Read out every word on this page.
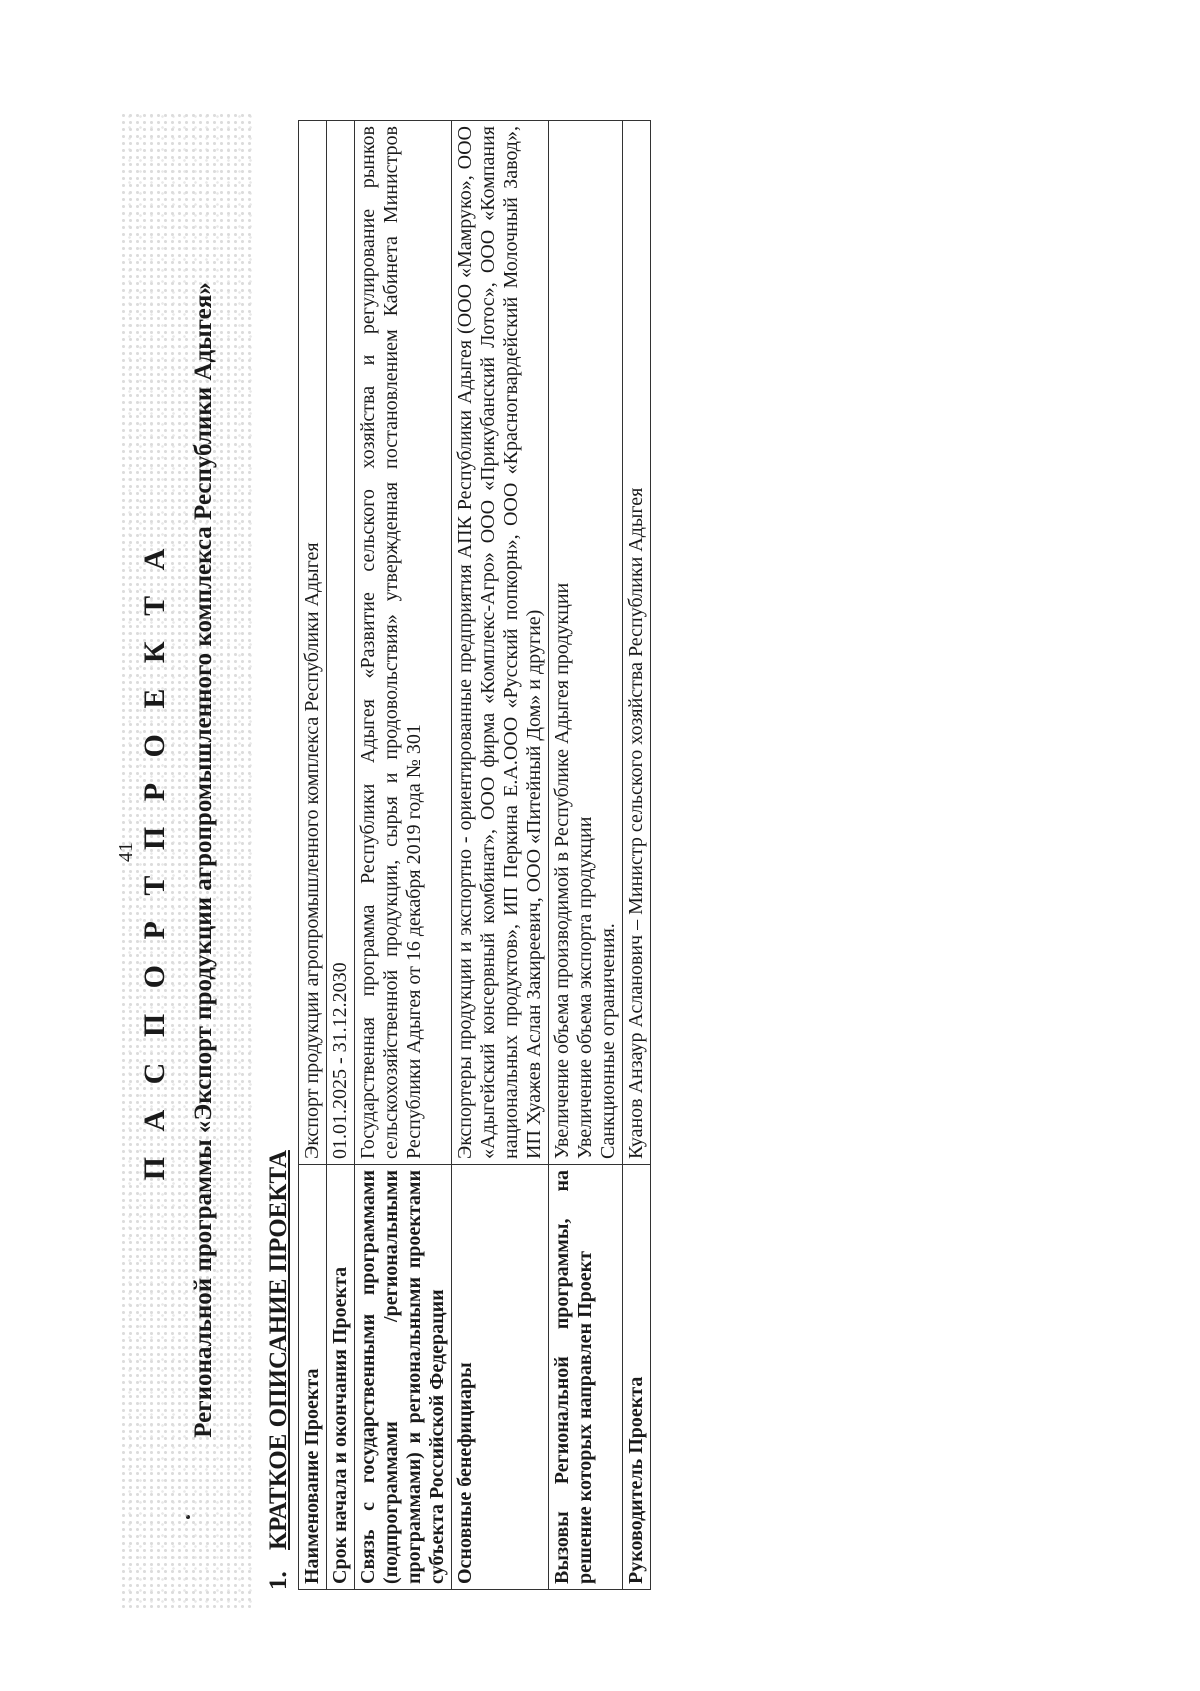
41 П А С П О Р Т П Р О Е К Т А Региональной программы «Экспорт продукции агропромышленного комплекса Республики Адыгея»
1.КРАТКОЕ ОПИСАНИЕ ПРОЕКТА Наименование Проекта	Экспорт продукции агропромышленного комплекса Республики Адыгея

Срок начала и окончания Проекта	01.01.2025 - 31.12.2030

Связь с государственными программами (подпрограммами /региональными программами) и региональными проектами субъекта Российской Федерации	Государственная программа Республики Адыгея «Развитие сельского хозяйства и регулирование рынков сельскохозяйственной продукции, сырья и продовольствия» утвержденная постановлением Кабинета Министров Республики Адыгея от 16 декабря 2019 года № 301

Основные бенефициары	Экспортеры продукции и экспортно - ориентированные предприятия АПК Республики Адыгея (ООО «Мамруко», ООО «Адыгейский консервный комбинат», ООО фирма «Комплекс-Агро» ООО «Прикубанский Лотос», ООО «Компания национальных продуктов», ИП Перкина Е.А.ООО «Русский попкорн», ООО «Красногвардейский Молочный Завод», ИП Хуажев Аслан Закиреевич, ООО «Питейный Дом» и другие)

Вызовы Региональной программы, на решение которых направлен Проект	Увеличение объема производимой в Республике Адыгея продукции Увеличение объема экспорта продукции Санкционные ограничения.

Руководитель Проекта	Куанов Анзаур Асланович – Министр сельского хозяйства Республики Адыгея
